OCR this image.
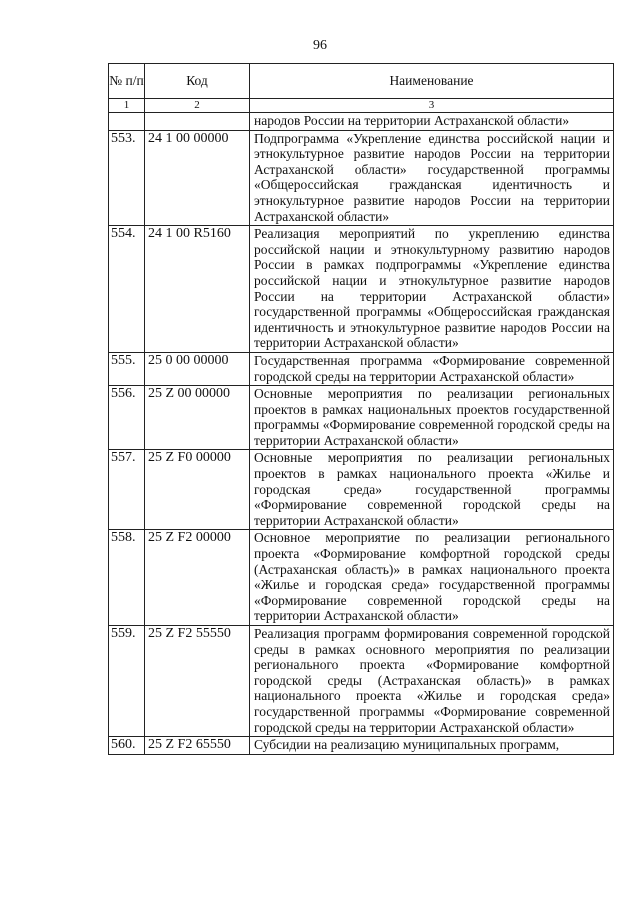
96
№ п/п	Код	Наименование
1	2	3
		народов России на территории Астраханской области»
553.	24 1 00 00000	Подпрограмма «Укрепление единства российской нации и этнокультурное развитие народов России на территории Астраханской области» государственной программы «Общероссийская гражданская идентичность и этнокультурное развитие народов России на территории Астраханской области»
554.	24 1 00 R5160	Реализация мероприятий по укреплению единства российской нации и этнокультурному развитию народов России в рамках подпрограммы «Укрепление единства российской нации и этнокультурное развитие народов России на территории Астраханской области» государственной программы «Общероссийская гражданская идентичность и этнокультурное развитие народов России на территории Астраханской области»
555.	25 0 00 00000	Государственная программа «Формирование современной городской среды на территории Астраханской области»
556.	25 Z 00 00000	Основные мероприятия по реализации региональных проектов в рамках национальных проектов государственной программы «Формирование современной городской среды на территории Астраханской области»
557.	25 Z F0 00000	Основные мероприятия по реализации региональных проектов в рамках национального проекта «Жилье и городская среда» государственной программы «Формирование современной городской среды на территории Астраханской области»
558.	25 Z F2 00000	Основное мероприятие по реализации регионального проекта «Формирование комфортной городской среды (Астраханская область)» в рамках национального проекта «Жилье и городская среда» государственной программы «Формирование современной городской среды на территории Астраханской области»
559.	25 Z F2 55550	Реализация программ формирования современной городской среды в рамках основного мероприятия по реализации регионального проекта «Формирование комфортной городской среды (Астраханская область)» в рамках национального проекта «Жилье и городская среда» государственной программы «Формирование современной городской среды на территории Астраханской области»
560.	25 Z F2 65550	Субсидии на реализацию муниципальных программ,
